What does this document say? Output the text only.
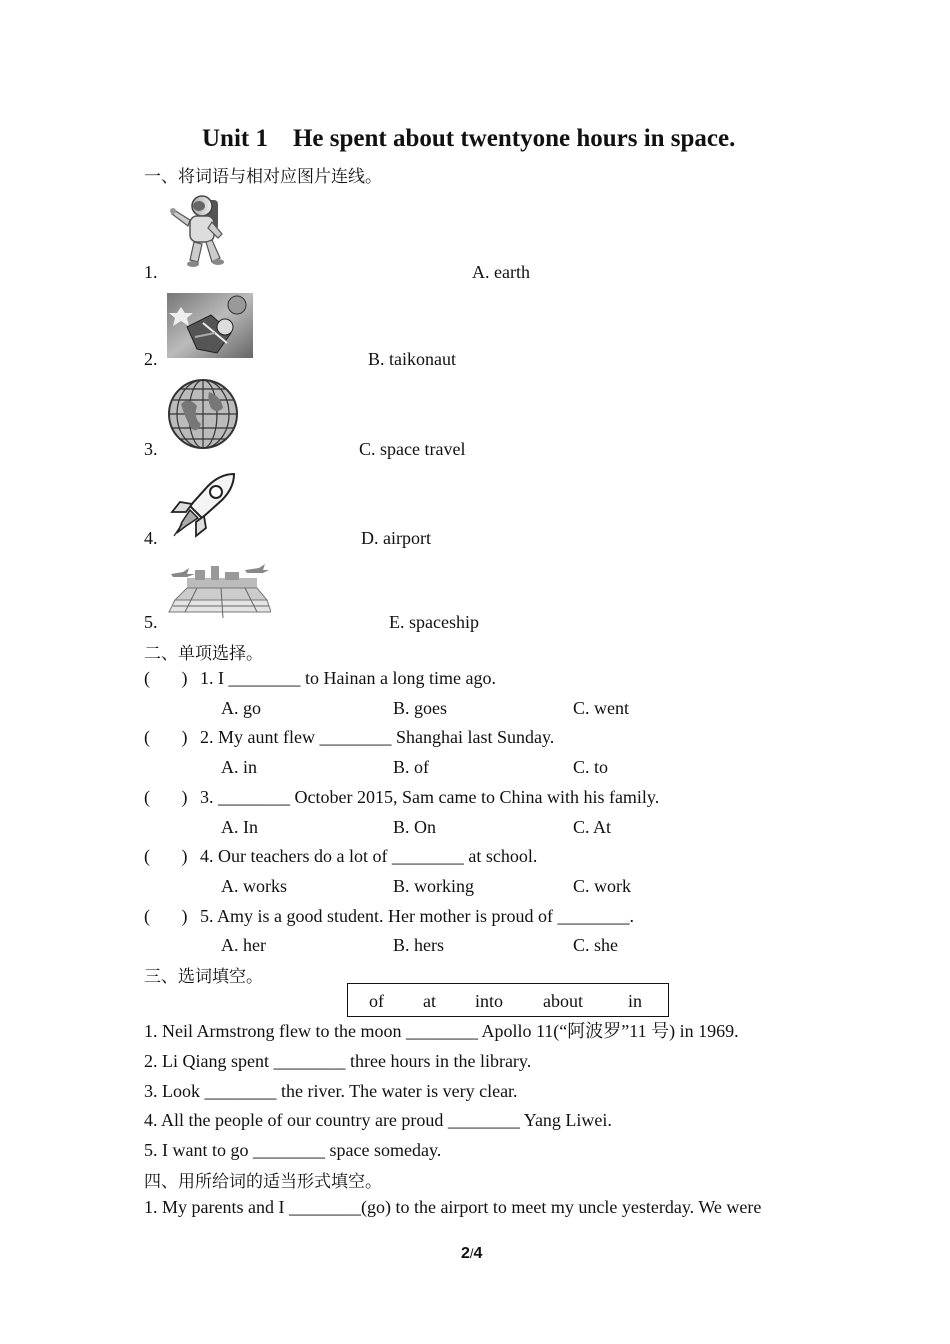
Unit 1    He spent about twentyone hours in space.
一、将词语与相对应图片连线。
1.	A. earth
2.	B. taikonaut
3.	C. space travel
4.	D. airport
5.	E. spaceship
二、单项选择。
(       ) 1. I ________ to Hainan a long time ago.
A. go	B. goes	C. went
(       ) 2. My aunt flew ________ Shanghai last Sunday.
A. in	B. of	C. to
(       ) 3. ________ October 2015, Sam came to China with his family.
A. In	B. On	C. At
(       ) 4. Our teachers do a lot of ________ at school.
A. works	B. working	C. work
(       ) 5. Amy is a good student. Her mother is proud of ________.
A. her	B. hers	C. she
三、选词填空。
of at into about	in
1. Neil Armstrong flew to the moon ________ Apollo 11(“阿波罗”11 号) in 1969.
2. Li Qiang spent ________ three hours in the library.
3. Look ________ the river. The water is very clear.
4. All the people of our country are proud ________ Yang Liwei.
5. I want to go ________ space someday.
四、用所给词的适当形式填空。
1. My parents and I ________(go) to the airport to meet my uncle yesterday. We were
2/4
